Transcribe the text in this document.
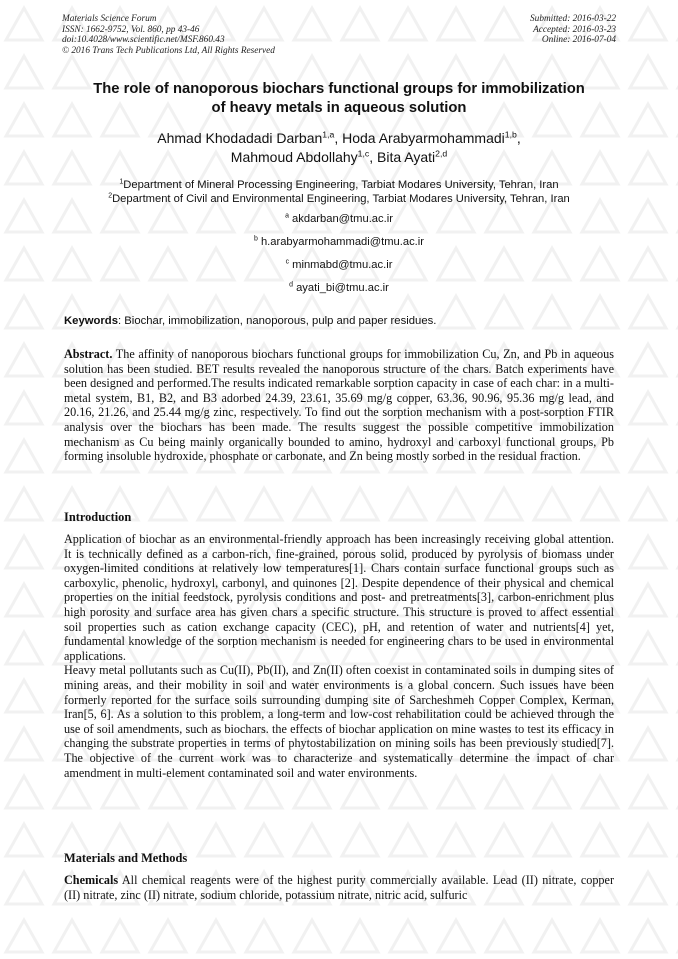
Materials Science Forum
ISSN: 1662-9752, Vol. 860, pp 43-46
doi:10.4028/www.scientific.net/MSF.860.43
© 2016 Trans Tech Publications Ltd, All Rights Reserved
Submitted: 2016-03-22
Accepted: 2016-03-23
Online: 2016-07-04
The role of nanoporous biochars functional groups for immobilization
of heavy metals in aqueous solution
Ahmad Khodadadi Darban$^{1,a}$, Hoda Arabyarmohammadi$^{1,b}$,
Mahmoud Abdollahy$^{1,c}$, Bita Ayati$^{2,d}$
$^1$Department of Mineral Processing Engineering, Tarbiat Modares University, Tehran, Iran
$^2$Department of Civil and Environmental Engineering, Tarbiat Modares University, Tehran, Iran
$^a$ akdarban@tmu.ac.ir
$^b$ h.arabyarmohammadi@tmu.ac.ir
$^c$ minmabd@tmu.ac.ir
$^d$ ayati_bi@tmu.ac.ir
Keywords: Biochar, immobilization, nanoporous, pulp and paper residues.

Abstract. The affinity of nanoporous biochars functional groups for immobilization Cu, Zn, and Pb in aqueous solution has been studied. BET results revealed the nanoporous structure of the chars. Batch experiments have been designed and performed.The results indicated remarkable sorption capacity in case of each char: in a multi-metal system, B1, B2, and B3 adorbed 24.39, 23.61, 35.69 mg/g copper, 63.36, 90.96, 95.36 mg/g lead, and 20.16, 21.26, and 25.44 mg/g zinc, respectively. To find out the sorption mechanism with a post-sorption FTIR analysis over the biochars has been made. The results suggest the possible competitive immobilization mechanism as Cu being mainly organically bounded to amino, hydroxyl and carboxyl functional groups, Pb forming insoluble hydroxide, phosphate or carbonate, and Zn being mostly sorbed in the residual fraction.

Introduction

Application of biochar as an environmental-friendly approach has been increasingly receiving global attention. It is technically defined as a carbon-rich, fine-grained, porous solid, produced by pyrolysis of biomass under oxygen-limited conditions at relatively low temperatures[1]. Chars contain surface functional groups such as carboxylic, phenolic, hydroxyl, carbonyl, and quinones [2]. Despite dependence of their physical and chemical properties on the initial feedstock, pyrolysis conditions and post- and pretreatments[3], carbon-enrichment plus high porosity and surface area has given chars a specific structure. This structure is proved to affect essential soil properties such as cation exchange capacity (CEC), pH, and retention of water and nutrients[4] yet, fundamental knowledge of the sorption mechanism is needed for engineering chars to be used in environmental applications.

Heavy metal pollutants such as Cu(II), Pb(II), and Zn(II) often coexist in contaminated soils in dumping sites of mining areas, and their mobility in soil and water environments is a global concern. Such issues have been formerly reported for the surface soils surrounding dumping site of Sarcheshmeh Copper Complex, Kerman, Iran[5, 6]. As a solution to this problem, a long-term and low-cost rehabilitation could be achieved through the use of soil amendments, such as biochars. the effects of biochar application on mine wastes to test its efficacy in changing the substrate properties in terms of phytostabilization on mining soils has been previously studied[7]. The objective of the current work was to characterize and systematically determine the impact of char amendment in multi-element contaminated soil and water environments.

Materials and Methods

Chemicals All chemical reagents were of the highest purity commercially available. Lead (II) nitrate, copper (II) nitrate, zinc (II) nitrate, sodium chloride, potassium nitrate, nitric acid, sulfuric
